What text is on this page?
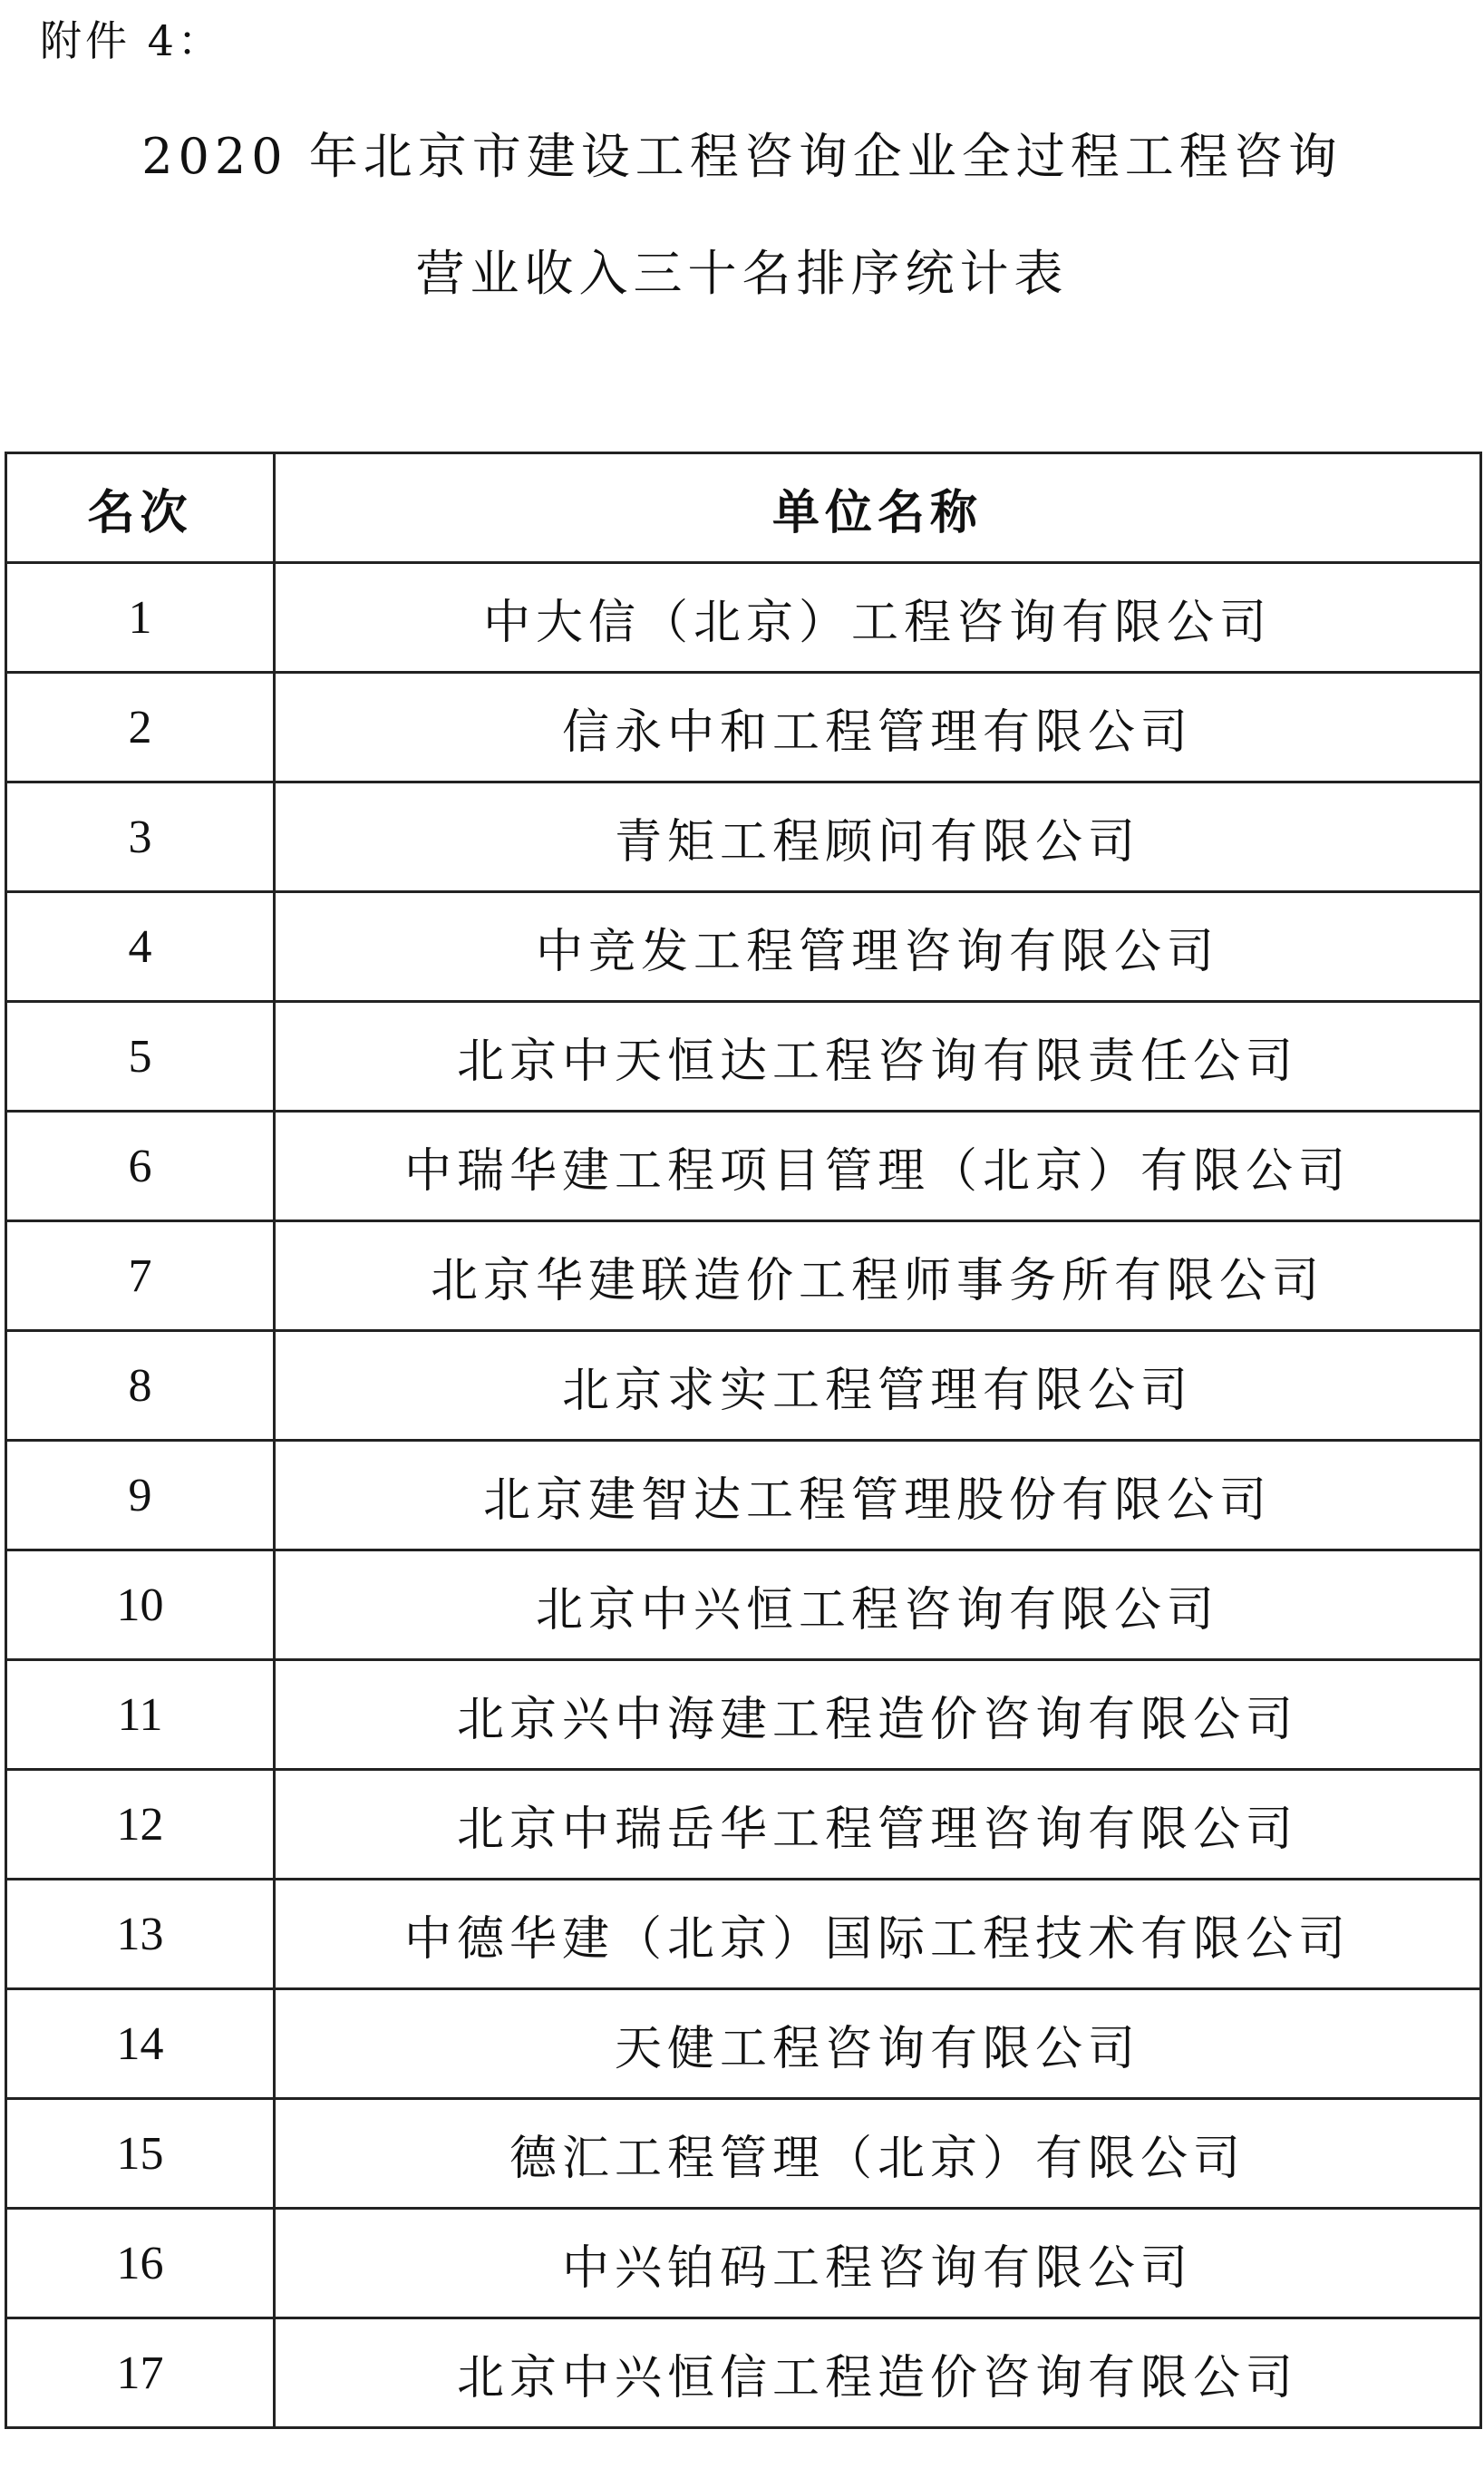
附件 4：
2020 年北京市建设工程咨询企业全过程工程咨询
营业收入三十名排序统计表
名次	单位名称
1	中大信（北京）工程咨询有限公司
2	信永中和工程管理有限公司
3	青矩工程顾问有限公司
4	中竞发工程管理咨询有限公司
5	北京中天恒达工程咨询有限责任公司
6	中瑞华建工程项目管理（北京）有限公司
7	北京华建联造价工程师事务所有限公司
8	北京求实工程管理有限公司
9	北京建智达工程管理股份有限公司
10	北京中兴恒工程咨询有限公司
11	北京兴中海建工程造价咨询有限公司
12	北京中瑞岳华工程管理咨询有限公司
13	中德华建（北京）国际工程技术有限公司
14	天健工程咨询有限公司
15	德汇工程管理（北京）有限公司
16	中兴铂码工程咨询有限公司
17	北京中兴恒信工程造价咨询有限公司
